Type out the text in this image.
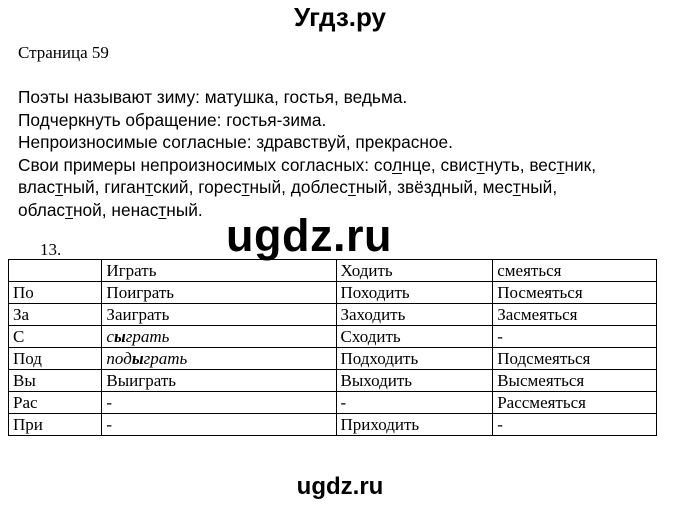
Угдз.ру
Страница 59
Поэты называют зиму: матушка, гостья, ведьма.
Подчеркнуть обращение: гостья-зима.
Непроизносимые согласные: здравствуй, прекрасное.
Свои примеры непроизносимых согласных: солнце, свистнуть, вестник,
властный, гигантский, горестный, доблестный, звёздный, местный,
областной, ненастный.
ugdz.ru
13.
	Играть	Ходить	смеяться
По	Поиграть	Походить	Посмеяться
За	Заиграть	Заходить	Засмеяться
С	сыграть	Сходить	-
Под	подыграть	Подходить	Подсмеяться
Вы	Выиграть	Выходить	Высмеяться
Рас	-	-	Рассмеяться
При	-	Приходить	-
ugdz.ru
